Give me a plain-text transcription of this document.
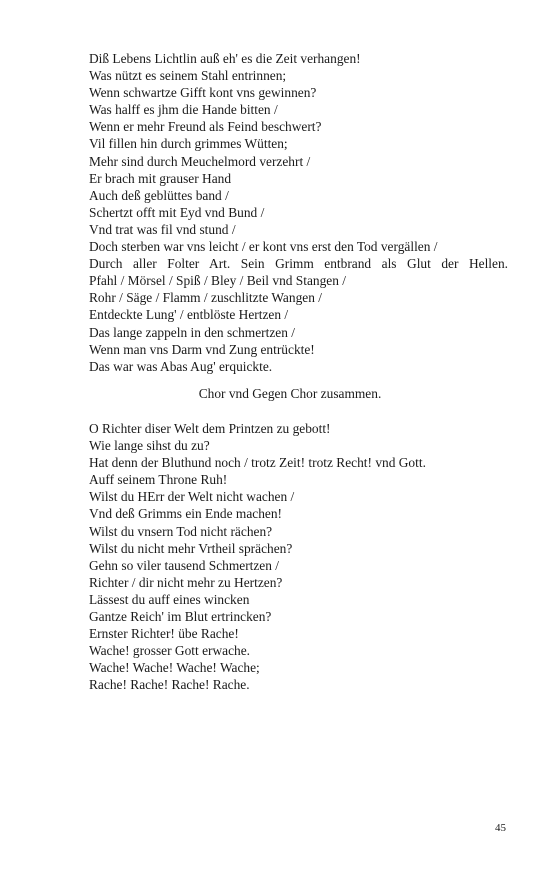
Diß Lebens Lichtlin auß eh' es die Zeit verhangen!
Was nützt es seinem Stahl entrinnen;
Wenn schwartze Gifft kont vns gewinnen?
Was halff es jhm die Hande bitten /
Wenn er mehr Freund als Feind beschwert?
Vil fillen hin durch grimmes Wütten;
Mehr sind durch Meuchelmord verzehrt /
Er brach mit grauser Hand
Auch deß geblüttes band /
Schertzt offt mit Eyd vnd Bund /
Vnd trat was fil vnd stund /
Doch sterben war vns leicht / er kont vns erst den Tod vergällen /
Durch aller Folter Art. Sein Grimm entbrand als Glut der Hellen.
Pfahl / Mörsel / Spiß / Bley / Beil vnd Stangen /
Rohr / Säge / Flamm / zuschlitzte Wangen /
Entdeckte Lung' / entblöste Hertzen /
Das lange zappeln in den schmertzen /
Wenn man vns Darm vnd Zung entrückte!
Das war was Abas Aug' erquickte.
Chor vnd Gegen Chor zusammen.
O Richter diser Welt dem Printzen zu gebott!
Wie lange sihst du zu?
Hat denn der Bluthund noch / trotz Zeit! trotz Recht! vnd Gott.
Auff seinem Throne Ruh!
Wilst du HErr der Welt nicht wachen /
Vnd deß Grimms ein Ende machen!
Wilst du vnsern Tod nicht rächen?
Wilst du nicht mehr Vrtheil sprächen?
Gehn so viler tausend Schmertzen /
Richter / dir nicht mehr zu Hertzen?
Lässest du auff eines wincken
Gantze Reich' im Blut ertrincken?
Ernster Richter! übe Rache!
Wache! grosser Gott erwache.
Wache! Wache! Wache! Wache;
Rache! Rache! Rache! Rache.
45
